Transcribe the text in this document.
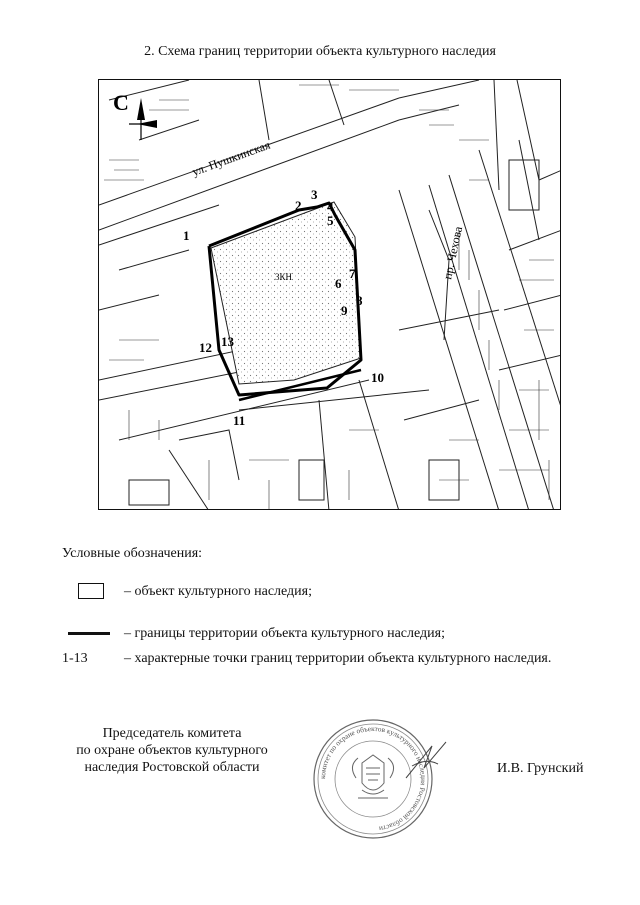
2. Схема границ территории объекта культурного наследия
С
ул. Пушкинская
пр. Чехова
3КН
1
2
3
4
5
6
7
8
9
10
11
12 13
Условные обозначения:
– объект культурного наследия;
– границы территории объекта культурного наследия;
1-13	– характерные точки границ территории объекта культурного наследия.
Председатель комитета
по охране объектов культурного
наследия Ростовской области
комитет по охране объектов культурного наследия Ростовской области
И.В. Грунский
